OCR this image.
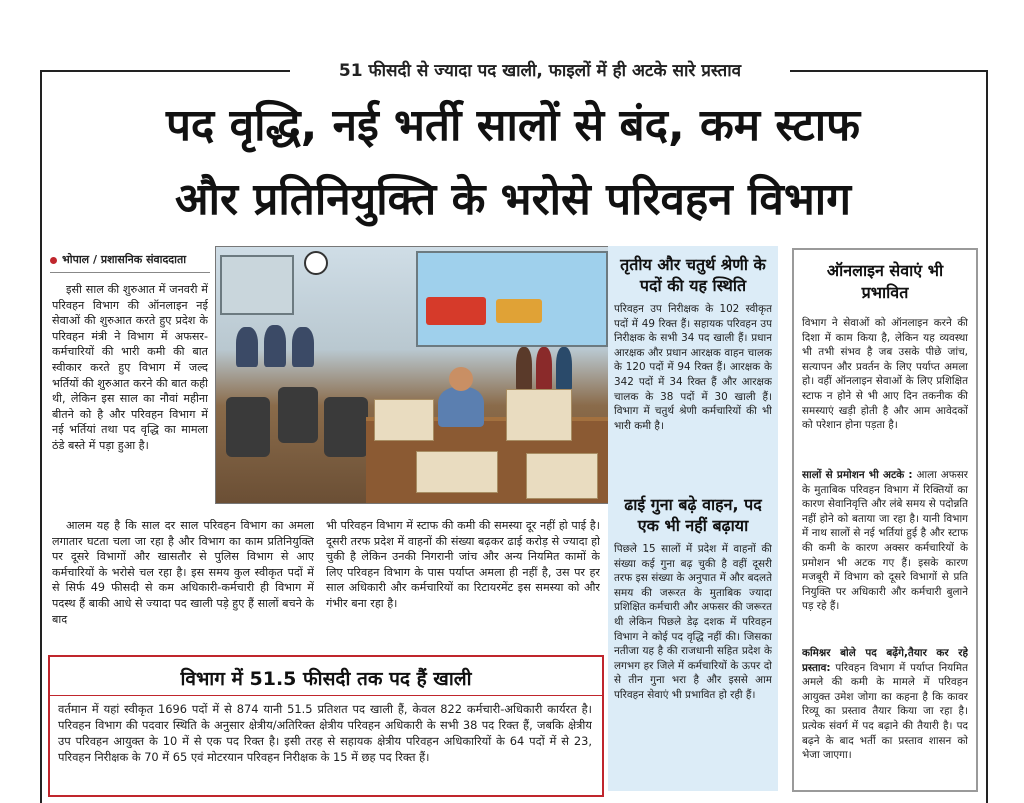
51 फीसदी से ज्यादा पद खाली, फाइलों में ही अटके सारे प्रस्ताव
पद वृद्धि, नई भर्ती सालों से बंद, कम स्टाफ
और प्रतिनियुक्ति के भरोसे परिवहन विभाग
भोपाल / प्रशासनिक संवाददाता
इसी साल की शुरुआत में जनवरी में परिवहन विभाग की ऑनलाइन नई सेवाओं की शुरुआत करते हुए प्रदेश के परिवहन मंत्री ने विभाग में अफसर- कर्मचारियों की भारी कमी की बात स्वीकार करते हुए विभाग में जल्द भर्तियों की शुरुआत करने की बात कही थी, लेकिन इस साल का नौवां महीना बीतने को है और परिवहन विभाग में नई भर्तियां तथा पद वृद्धि का मामला ठंडे बस्ते में पड़ा हुआ है।
आलम यह है कि साल दर साल परिवहन विभाग का अमला लगातार घटता चला जा रहा है और विभाग का काम प्रतिनियुक्ति पर दूसरे विभागों और खासतौर से पुलिस विभाग से आए कर्मचारियों के भरोसे चल रहा है। इस समय कुल स्वीकृत पदों में से सिर्फ 49 फीसदी से कम अधिकारी-कर्मचारी ही विभाग में पदस्थ हैं बाकी आधे से ज्यादा पद खाली पड़े हुए हैं सालों बचने के बाद
भी परिवहन विभाग में स्टाफ की कमी की समस्या दूर नहीं हो पाई है। दूसरी तरफ प्रदेश में वाहनों की संख्या बढ़कर ढाई करोड़ से ज्यादा हो चुकी है लेकिन उनकी निगरानी जांच और अन्य नियमित कामों के लिए परिवहन विभाग के पास पर्याप्त अमला ही नहीं है, उस पर हर साल अधिकारी और कर्मचारियों का रिटायरमेंट इस समस्या को और गंभीर बना रहा है।
विभाग में 51.5 फीसदी तक पद हैं खाली
वर्तमान में यहां स्वीकृत 1696 पदों में से 874 यानी 51.5 प्रतिशत पद खाली हैं, केवल 822 कर्मचारी-अधिकारी कार्यरत है। परिवहन विभाग की पदवार स्थिति के अनुसार क्षेत्रीय/अतिरिक्त क्षेत्रीय परिवहन अधिकारी के सभी 38 पद रिक्त हैं, जबकि क्षेत्रीय उप परिवहन आयुक्त के 10 में से एक पद रिक्त है। इसी तरह से सहायक क्षेत्रीय परिवहन अधिकारियों के 64 पदों में से 23, परिवहन निरीक्षक के 70 में 65 एवं मोटरयान परिवहन निरीक्षक के 15 में छह पद रिक्त हैं।
तृतीय और चतुर्थ श्रेणी के पदों की यह स्थिति
परिवहन उप निरीक्षक के 102 स्वीकृत पदों में 49 रिक्त हैं। सहायक परिवहन उप निरीक्षक के सभी 34 पद खाली हैं। प्रधान आरक्षक और प्रधान आरक्षक वाहन चालक के 120 पदों में 94 रिक्त हैं। आरक्षक के 342 पदों में 34 रिक्त हैं और आरक्षक चालक के 38 पदों में 30 खाली हैं। विभाग में चतुर्थ श्रेणी कर्मचारियों की भी भारी कमी है।
ढाई गुना बढ़े वाहन, पद एक भी नहीं बढ़ाया
पिछले 15 सालों में प्रदेश में वाहनों की संख्या कई गुना बढ़ चुकी है वहीं दूसरी तरफ इस संख्या के अनुपात में और बदलते समय की जरूरत के मुताबिक ज्यादा प्रशिक्षित कर्मचारी और अफसर की जरूरत थी लेकिन पिछले डेढ़ दशक में परिवहन विभाग ने कोई पद वृद्धि नहीं की। जिसका नतीजा यह है की राजधानी सहित प्रदेश के लगभग हर जिले में कर्मचारियों के ऊपर दो से तीन गुना भरा है और इससे आम परिवहन सेवाएं भी प्रभावित हो रही हैं।
ऑनलाइन सेवाएं भी प्रभावित
विभाग ने सेवाओं को ऑनलाइन करने की दिशा में काम किया है, लेकिन यह व्यवस्था भी तभी संभव है जब उसके पीछे जांच, सत्यापन और प्रवर्तन के लिए पर्याप्त अमला हो। वहीं ऑनलाइन सेवाओं के लिए प्रशिक्षित स्टाफ न होने से भी आए दिन तकनीक की समस्याएं खड़ी होती है और आम आवेदकों को परेशान होना पड़ता है।
सालों से प्रमोशन भी अटके : आला अफसर के मुताबिक परिवहन विभाग में रिक्तियों का कारण सेवानिवृत्ति और लंबे समय से पदोन्नति नहीं होने को बताया जा रहा है। यानी विभाग में नाथ सालों से नई भर्तियां हुई है और स्टाफ की कमी के कारण अक्सर कर्मचारियों के प्रमोशन भी अटक गए हैं। इसके कारण मजबूरी में विभाग को दूसरे विभागों से प्रति नियुक्ति पर अधिकारी और कर्मचारी बुलाने पड़ रहे हैं।
कमिश्नर बोले पद बढ़ेंगे,तैयार कर रहे प्रस्ताव: परिवहन विभाग में पर्याप्त नियमित अमले की कमी के मामले में परिवहन आयुक्त उमेश जोगा का कहना है कि कावर रिव्यू का प्रस्ताव तैयार किया जा रहा है। प्रत्येक संवर्ग में पद बढ़ाने की तैयारी है। पद बढ़ने के बाद भर्ती का प्रस्ताव शासन को भेजा जाएगा।
